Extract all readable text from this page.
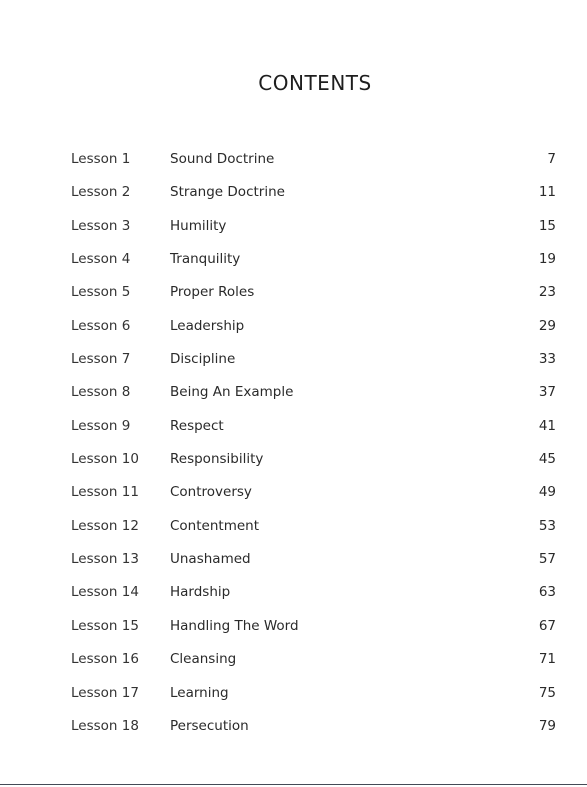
CONTENTS
Lesson 1	Sound Doctrine	7
Lesson 2	Strange Doctrine	11
Lesson 3	Humility	15
Lesson 4	Tranquility	19
Lesson 5	Proper Roles	23
Lesson 6	Leadership	29
Lesson 7	Discipline	33
Lesson 8	Being An Example	37
Lesson 9	Respect	41
Lesson 10 Responsibility	45
Lesson 11 Controversy	49
Lesson 12 Contentment	53
Lesson 13 Unashamed	57
Lesson 14 Hardship	63
Lesson 15 Handling The Word	67
Lesson 16 Cleansing	71
Lesson 17 Learning	75
Lesson 18 Persecution	79
